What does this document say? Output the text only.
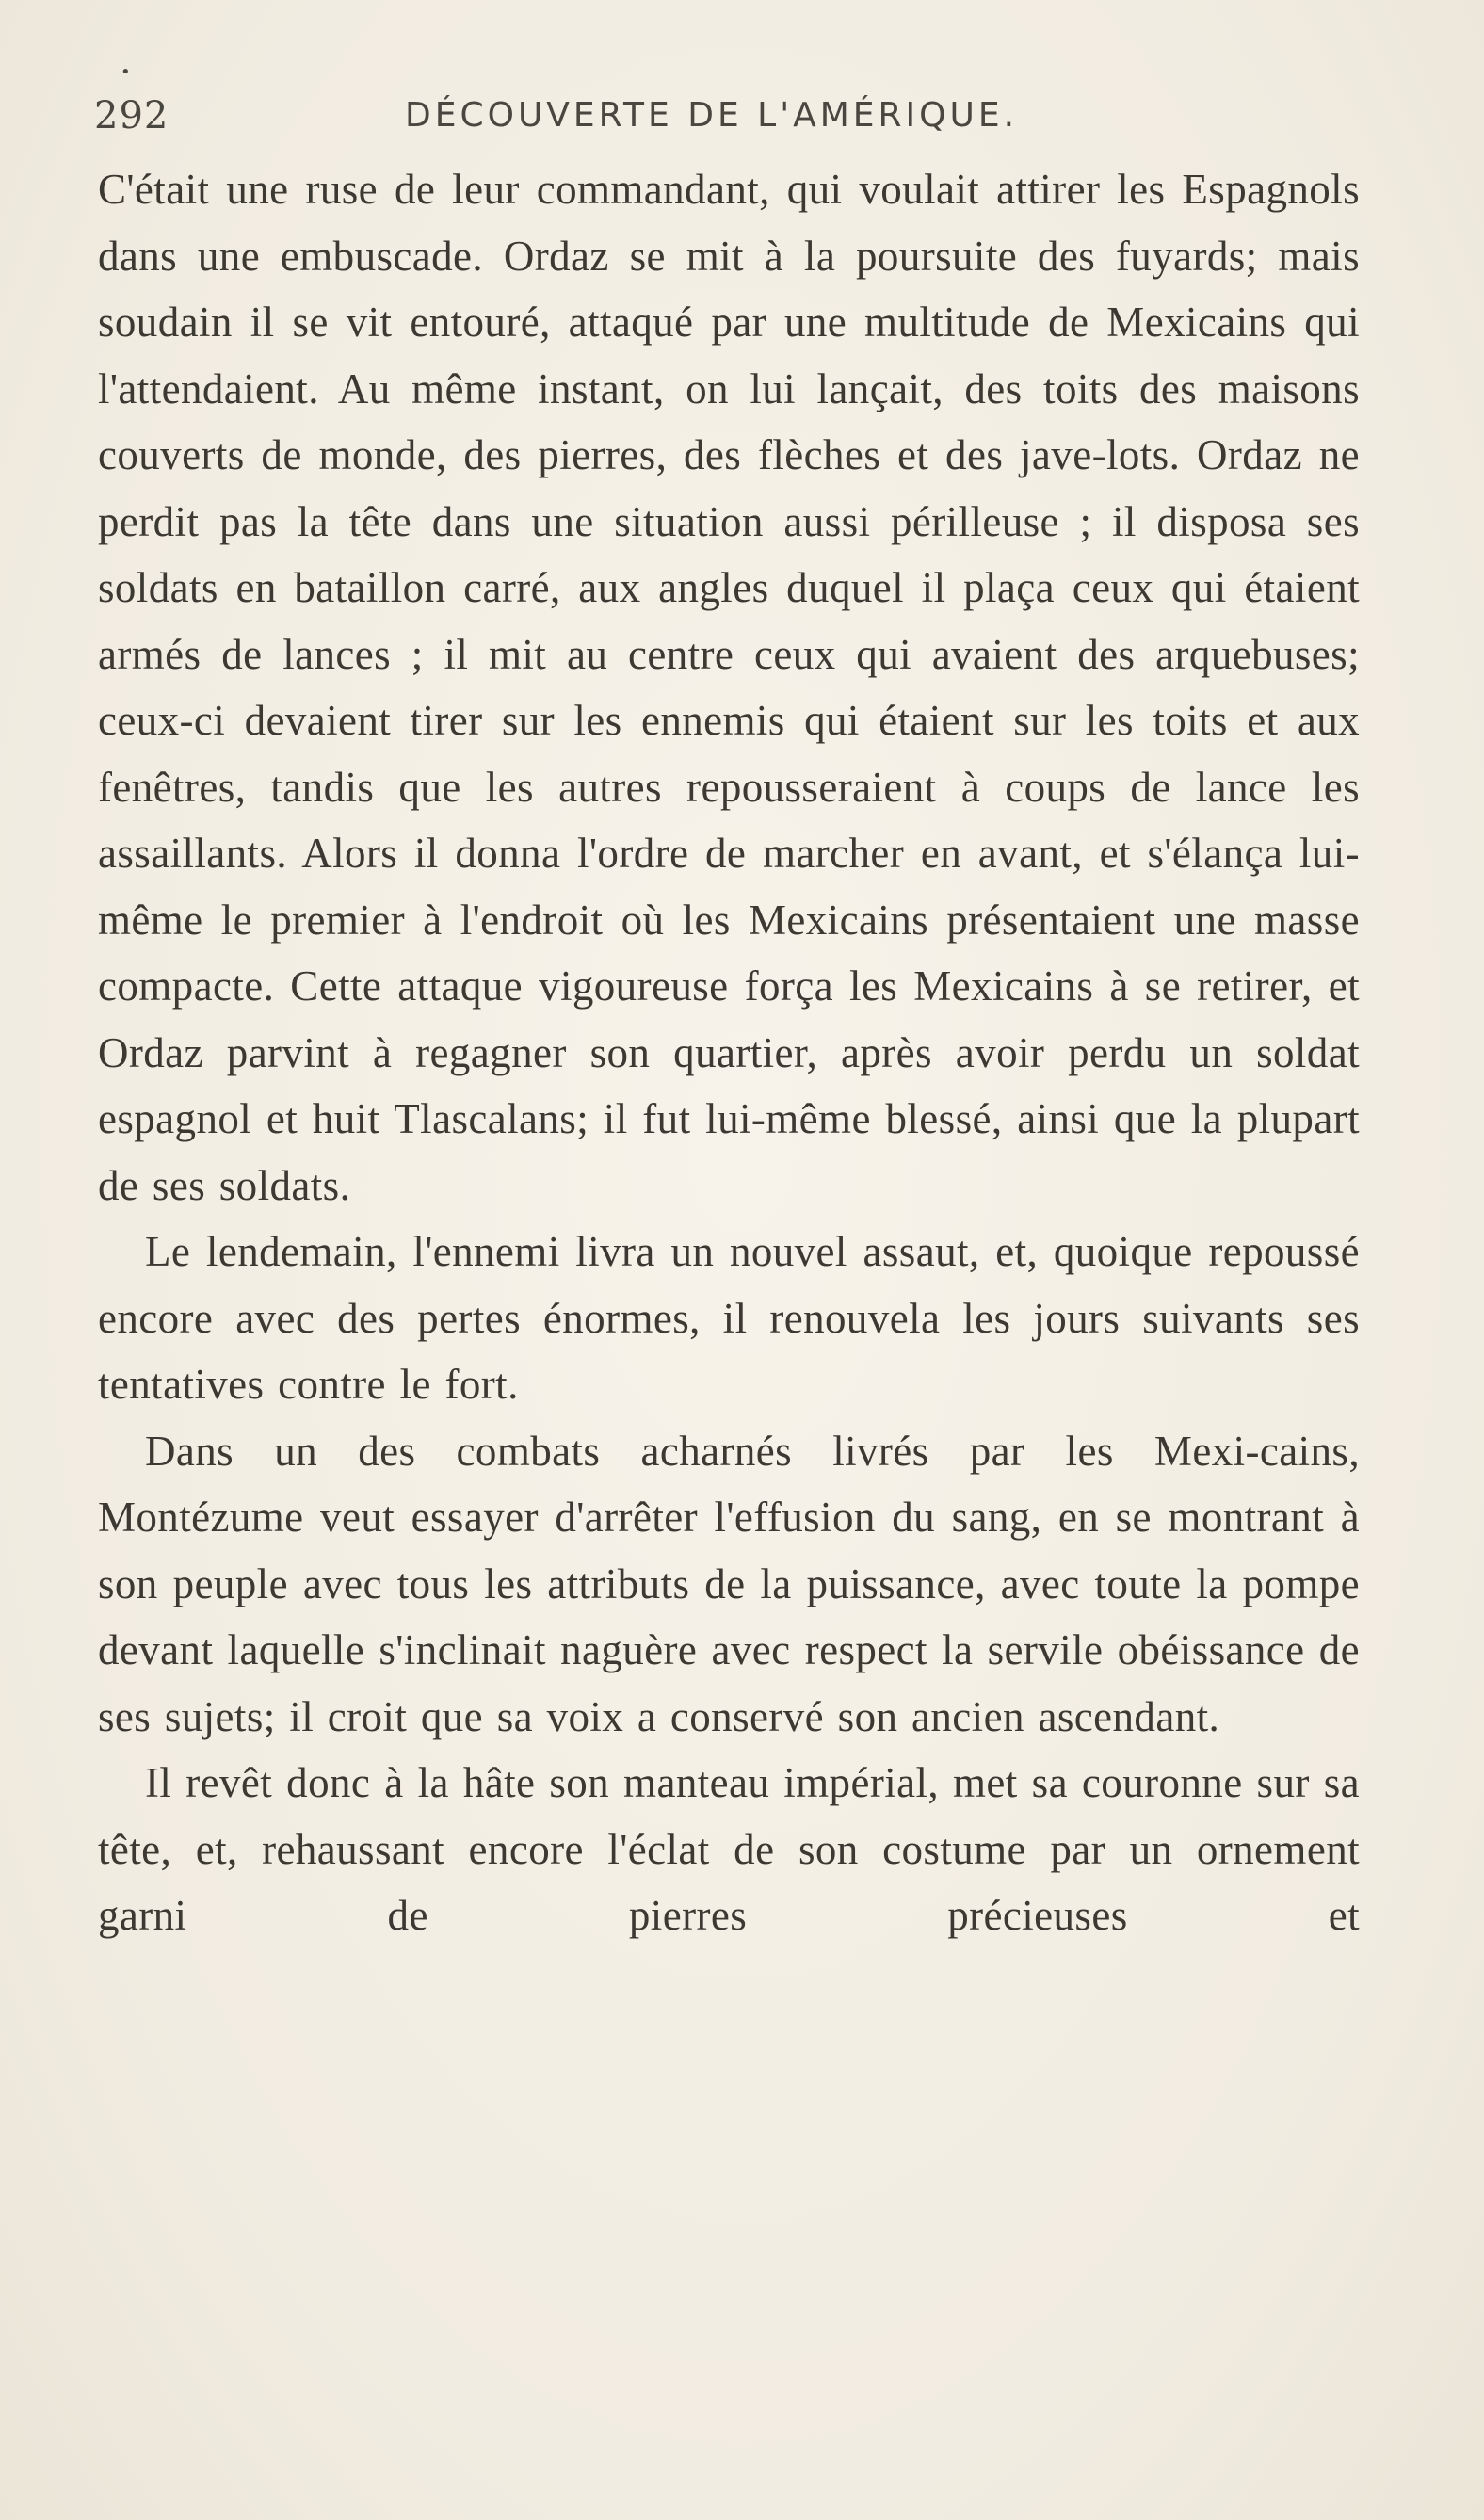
•
292	DÉCOUVERTE DE L'AMÉRIQUE.

C'était une ruse de leur commandant, qui voulait attirer les Espagnols dans une embuscade. Ordaz se mit à la poursuite des fuyards; mais soudain il se vit entouré, attaqué par une multitude de Mexicains qui l'attendaient. Au même instant, on lui lançait, des toits des maisons couverts de monde, des pierres, des flèches et des jave-lots. Ordaz ne perdit pas la tête dans une situation aussi périlleuse ; il disposa ses soldats en bataillon carré, aux angles duquel il plaça ceux qui étaient armés de lances ; il mit au centre ceux qui avaient des arquebuses; ceux-ci devaient tirer sur les ennemis qui étaient sur les toits et aux fenêtres, tandis que les autres repousseraient à coups de lance les assaillants. Alors il donna l'ordre de marcher en avant, et s'élança lui-même le premier à l'endroit où les Mexicains présentaient une masse compacte. Cette attaque vigoureuse força les Mexicains à se retirer, et Ordaz parvint à regagner son quartier, après avoir perdu un soldat espagnol et huit Tlascalans; il fut lui-même blessé, ainsi que la plupart de ses soldats.

Le lendemain, l'ennemi livra un nouvel assaut, et, quoique repoussé encore avec des pertes énormes, il renouvela les jours suivants ses tentatives contre le fort.

Dans un des combats acharnés livrés par les Mexi-cains, Montézume veut essayer d'arrêter l'effusion du sang, en se montrant à son peuple avec tous les attributs de la puissance, avec toute la pompe devant laquelle s'inclinait naguère avec respect la servile obéissance de ses sujets; il croit que sa voix a conservé son ancien ascendant.

Il revêt donc à la hâte son manteau impérial, met sa couronne sur sa tête, et, rehaussant encore l'éclat de son costume par un ornement garni de pierres précieuses et
